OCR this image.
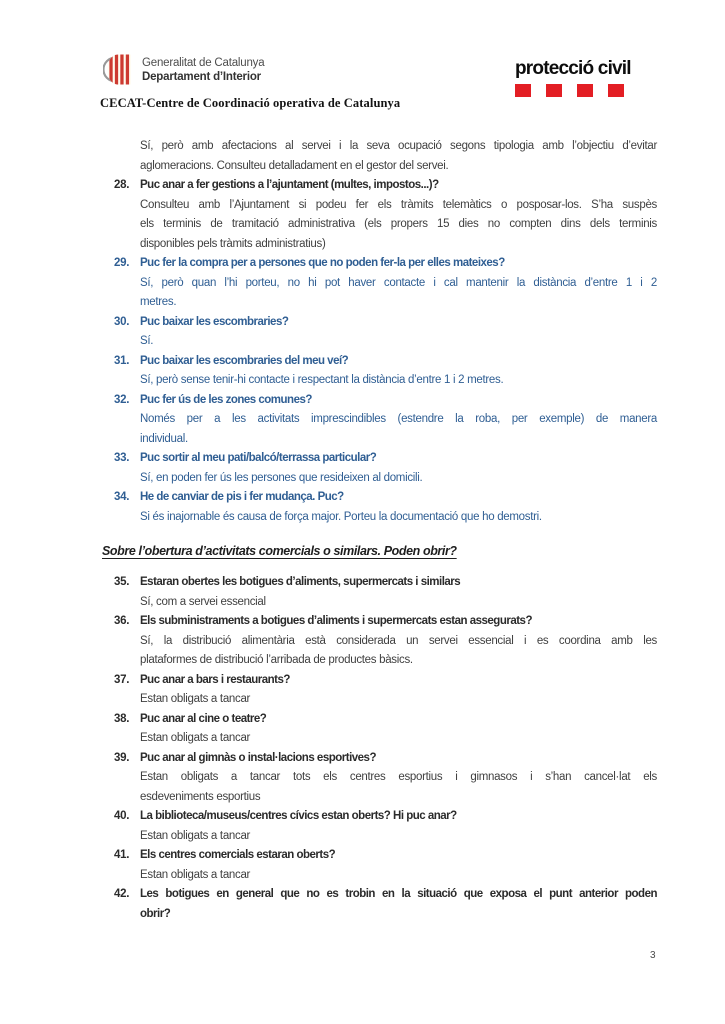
Generalitat de Catalunya
Departament d’Interior
CECAT-Centre de Coordinació operativa de Catalunya
protecció civil
Sí, però amb afectacions al servei i la seva ocupació segons tipologia amb l’objectiu d’evitar
aglomeracions. Consulteu detalladament en el gestor del servei.
28. Puc anar a fer gestions a l’ajuntament (multes, impostos...)?
Consulteu amb l’Ajuntament si podeu fer els tràmits telemàtics o posposar-los. S’ha suspès
els terminis de tramitació administrativa (els propers 15 dies no compten dins dels terminis
disponibles pels tràmits administratius)
29. Puc fer la compra per a persones que no poden fer-la per elles mateixes?
Sí, però quan l’hi porteu, no hi pot haver contacte i cal mantenir la distància d’entre 1 i 2
metres.
30. Puc baixar les escombraries?
Sí.
31. Puc baixar les escombraries del meu veí?
Sí, però sense tenir-hi contacte i respectant la distància d’entre 1 i 2 metres.
32. Puc fer ús de les zones comunes?
Només per a les activitats imprescindibles (estendre la roba, per exemple) de manera
individual.
33. Puc sortir al meu pati/balcó/terrassa particular?
Sí, en poden fer ús les persones que resideixen al domicili.
34. He de canviar de pis i fer mudança. Puc?
Si és inajornable és causa de força major. Porteu la documentació que ho demostri.
Sobre l’obertura d’activitats comercials o similars. Poden obrir?
35. Estaran obertes les botigues d’aliments, supermercats i similars
Sí, com a servei essencial
36. Els subministraments a botigues d’aliments i supermercats estan assegurats?
Sí, la distribució alimentària està considerada un servei essencial i es coordina amb les
plataformes de distribució l’arribada de productes bàsics.
37. Puc anar a bars i restaurants?
Estan obligats a tancar
38. Puc anar al cine o teatre?
Estan obligats a tancar
39. Puc anar al gimnàs o instal·lacions esportives?
Estan obligats a tancar tots els centres esportius i gimnasos i s’han cancel·lat els
esdeveniments esportius
40. La biblioteca/museus/centres cívics estan oberts? Hi puc anar?
Estan obligats a tancar
41. Els centres comercials estaran oberts?
Estan obligats a tancar
42. Les botigues en general que no es trobin en la situació que exposa el punt anterior poden
obrir?
3
